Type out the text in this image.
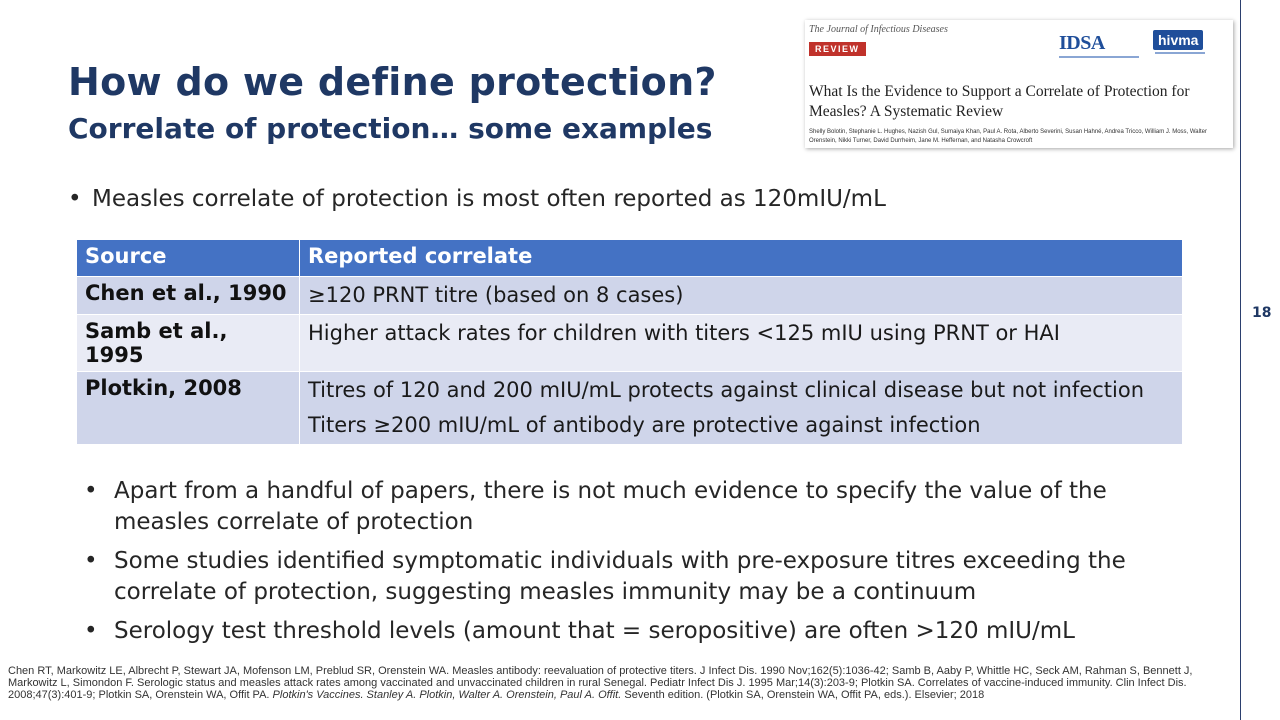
How do we define protection?
Correlate of protection… some examples
The Journal of Infectious Diseases
REVIEW	IDSA	hivma
What Is the Evidence to Support a Correlate of Protection for Measles? A Systematic Review
Shelly Bolotin, Stephanie L. Hughes, Nazish Gul, Sumaiya Khan, Paul A. Rota, Alberto Severini, Susan Hahné, Andrea Tricco, William J. Moss, Walter Orenstein, Nikki Turner, David Durrheim, Jane M. Heffernan, and Natasha Crowcroft
• Measles correlate of protection is most often reported as 120mIU/mL
Source	Reported correlate
Chen et al., 1990	≥120 PRNT titre (based on 8 cases)

Samb et al., 1995	Higher attack rates for children with titers <125 mIU using PRNT or HAI

Plotkin, 2008	Titres of 120 and 200 mIU/mL protects against clinical disease but not infection
Titers ≥200 mIU/mL of antibody are protective against infection
• Apart from a handful of papers, there is not much evidence to specify the value of the measles correlate of protection
• Some studies identified symptomatic individuals with pre-exposure titres exceeding the correlate of protection, suggesting measles immunity may be a continuum
• Serology test threshold levels (amount that = seropositive) are often >120 mIU/mL
Chen RT, Markowitz LE, Albrecht P, Stewart JA, Mofenson LM, Preblud SR, Orenstein WA. Measles antibody: reevaluation of protective titers. J Infect Dis. 1990 Nov;162(5):1036-42; Samb B, Aaby P, Whittle HC, Seck AM, Rahman S, Bennett J, Markowitz L, Simondon F. Serologic status and measles attack rates among vaccinated and unvaccinated children in rural Senegal. Pediatr Infect Dis J. 1995 Mar;14(3):203-9; Plotkin SA. Correlates of vaccine-induced immunity. Clin Infect Dis. 2008;47(3):401-9; Plotkin SA, Orenstein WA, Offit PA. Plotkin's Vaccines. Stanley A. Plotkin, Walter A. Orenstein, Paul A. Offit. Seventh edition. (Plotkin SA, Orenstein WA, Offit PA, eds.). Elsevier; 2018
18
